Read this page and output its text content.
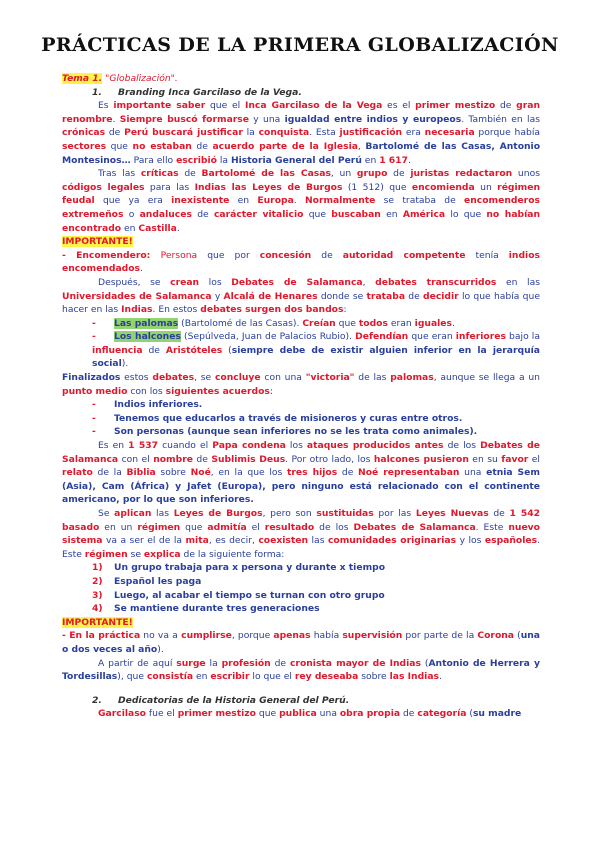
PRÁCTICAS DE LA PRIMERA GLOBALIZACIÓN

Tema 1. "Globalización".

1. Branding Inca Garcilaso de la Vega.

Es importante saber que el Inca Garcilaso de la Vega es el primer mestizo de gran renombre. Siempre buscó formarse y una igualdad entre indios y europeos. También en las crónicas de Perú buscará justificar la conquista. Esta justificación era necesaria porque había sectores que no estaban de acuerdo parte de la Iglesia, Bartolomé de las Casas, Antonio Montesinos… Para ello escribió la Historia General del Perú en 1 617.

Tras las críticas de Bartolomé de las Casas, un grupo de juristas redactaron unos códigos legales para las Indias las Leyes de Burgos (1 512) que encomienda un régimen feudal que ya era inexistente en Europa. Normalmente se trataba de encomenderos extremeños o andaluces de carácter vitalicio que buscaban en América lo que no habían encontrado en Castilla.

IMPORTANTE!

- Encomendero: Persona que por concesión de autoridad competente tenía indios encomendados.

Después, se crean los Debates de Salamanca, debates transcurridos en las Universidades de Salamanca y Alcalá de Henares donde se trataba de decidir lo que había que hacer en las Indias. En estos debates surgen dos bandos:

- Las palomas (Bartolomé de las Casas). Creían que todos eran iguales.

- Los halcones (Sepúlveda, Juan de Palacios Rubio). Defendían que eran inferiores bajo la influencia de Aristóteles (siempre debe de existir alguien inferior en la jerarquía social).

Finalizados estos debates, se concluye con una "victoria" de las palomas, aunque se llega a un punto medio con los siguientes acuerdos:

- Indios inferiores.

- Tenemos que educarlos a través de misioneros y curas entre otros.

- Son personas (aunque sean inferiores no se les trata como animales).

Es en 1 537 cuando el Papa condena los ataques producidos antes de los Debates de Salamanca con el nombre de Sublimis Deus. Por otro lado, los halcones pusieron en su favor el relato de la Biblia sobre Noé, en la que los tres hijos de Noé representaban una etnia Sem (Asia), Cam (África) y Jafet (Europa), pero ninguno está relacionado con el continente americano, por lo que son inferiores.

Se aplican las Leyes de Burgos, pero son sustituidas por las Leyes Nuevas de 1 542 basado en un régimen que admitía el resultado de los Debates de Salamanca. Este nuevo sistema va a ser el de la mita, es decir, coexisten las comunidades originarias y los españoles. Este régimen se explica de la siguiente forma:

1) Un grupo trabaja para x persona y durante x tiempo

2) Español les paga

3) Luego, al acabar el tiempo se turnan con otro grupo

4) Se mantiene durante tres generaciones

IMPORTANTE!

- En la práctica no va a cumplirse, porque apenas había supervisión por parte de la Corona (una o dos veces al año).

A partir de aquí surge la profesión de cronista mayor de Indias (Antonio de Herrera y Tordesillas), que consistía en escribir lo que el rey deseaba sobre las Indias.

2. Dedicatorias de la Historia General del Perú.

Garcilaso fue el primer mestizo que publica una obra propia de categoría (su madre
